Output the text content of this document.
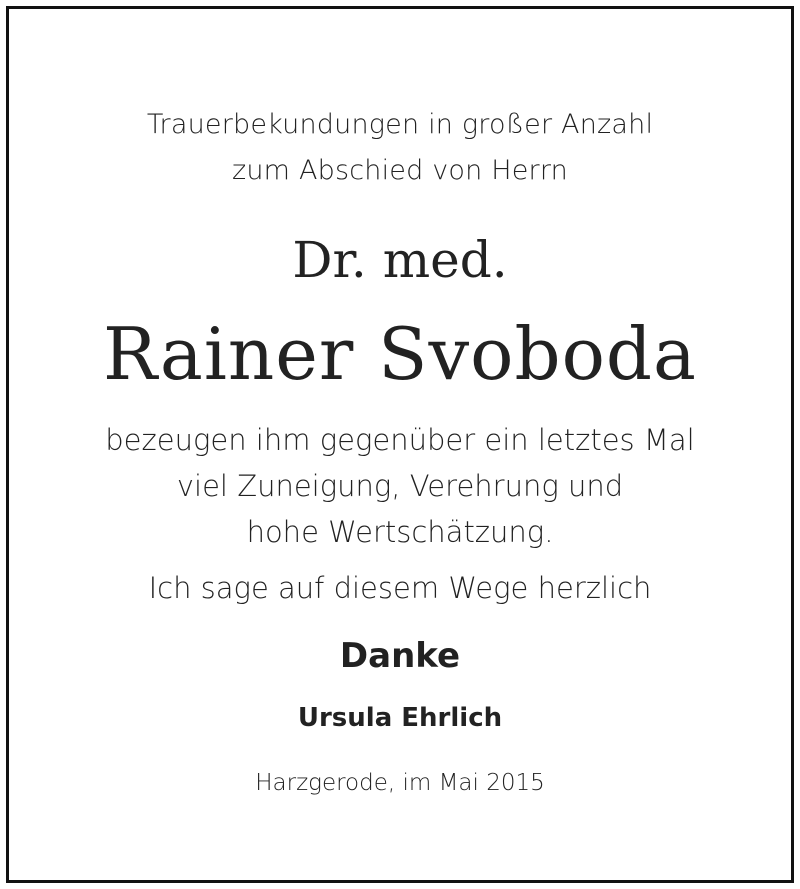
Trauerbekundungen in großer Anzahl
zum Abschied von Herrn
Dr. med.
Rainer Svoboda
bezeugen ihm gegenüber ein letztes Mal
viel Zuneigung, Verehrung und
hohe Wertschätzung.
Ich sage auf diesem Wege herzlich
Danke
Ursula Ehrlich
Harzgerode, im Mai 2015
